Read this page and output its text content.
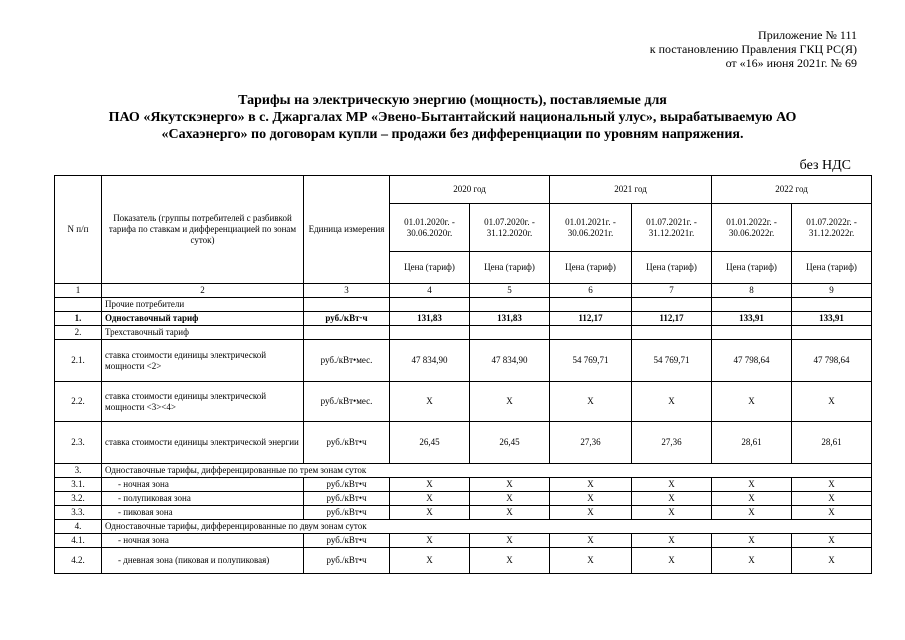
Приложение № 111
к постановлению Правления ГКЦ РС(Я)
от «16» июня 2021г. № 69
Тарифы на электрическую энергию (мощность), поставляемые для
ПАО «Якутскэнерго» в с. Джаргалах МР «Эвено-Бытантайский национальный улус», вырабатываемую АО
«Сахаэнерго» по договорам купли – продажи без дифференциации по уровням напряжения.
без НДС
N п/п	Показатель (группы потребителей с разбивкой тарифа по ставкам и дифференциацией по зонам суток)	Единица измерения	2020 год		2021 год		2022 год	
			01.01.2020г. - 30.06.2020г.	01.07.2020г. - 31.12.2020г.	01.01.2021г. - 30.06.2021г.	01.07.2021г. - 31.12.2021г.	01.01.2022г. - 30.06.2022г.	01.07.2022г. - 31.12.2022г.
			Цена (тариф)	Цена (тариф)	Цена (тариф)	Цена (тариф)	Цена (тариф)	Цена (тариф)
1	2	3	4	5	6	7	8	9
	Прочие потребители							
1.	Одноставочный тариф	руб./кВт·ч	131,83	131,83	112,17	112,17	133,91	133,91
2.	Трехставочный тариф							
2.1.	ставка стоимости единицы электрической мощности <2>	руб./кВт•мес.	47 834,90	47 834,90	54 769,71	54 769,71	47 798,64	47 798,64
2.2.	ставка стоимости единицы электрической мощности <3><4>	руб./кВт•мес.	X	X	X	X	X	X
2.3.	ставка стоимости единицы электрической энергии	руб./кВт•ч	26,45	26,45	27,36	27,36	28,61	28,61
3.	Одноставочные тарифы, дифференцированные по трем зонам суток							
3.1.	- ночная зона	руб./кВт•ч	X	X	X	X	X	X
3.2.	- полупиковая зона	руб./кВт•ч	X	X	X	X	X	X
3.3.	- пиковая зона	руб./кВт•ч	X	X	X	X	X	X
4.	Одноставочные тарифы, дифференцированные по двум зонам суток							
4.1.	- ночная зона	руб./кВт•ч	X	X	X	X	X	X
4.2.	- дневная зона (пиковая и полупиковая)	руб./кВт•ч	X	X	X	X	X	X
